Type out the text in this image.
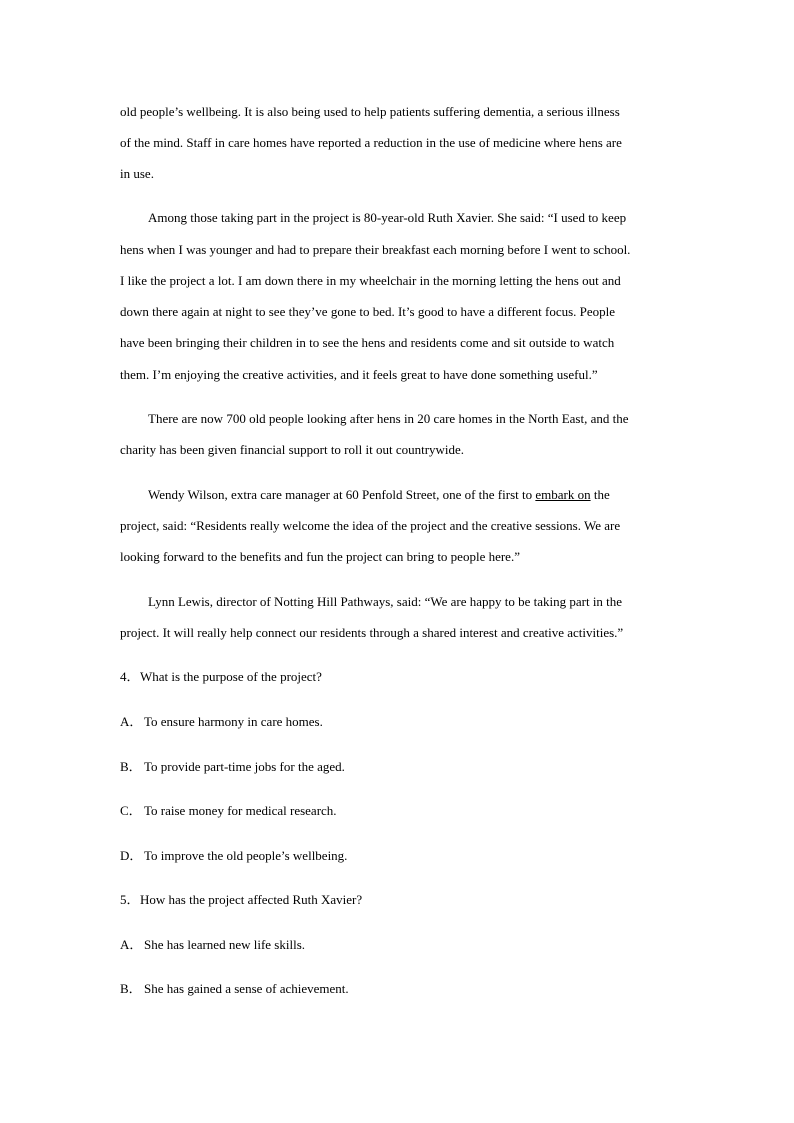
old people’s wellbeing. It is also being used to help patients suffering dementia, a serious illness
of the mind. Staff in care homes have reported a reduction in the use of medicine where hens are
in use.
Among those taking part in the project is 80-year-old Ruth Xavier. She said: “I used to keep
hens when I was younger and had to prepare their breakfast each morning before I went to school.
I like the project a lot. I am down there in my wheelchair in the morning letting the hens out and
down there again at night to see they’ve gone to bed. It’s good to have a different focus. People
have been bringing their children in to see the hens and residents come and sit outside to watch
them. I’m enjoying the creative activities, and it feels great to have done something useful.”
There are now 700 old people looking after hens in 20 care homes in the North East, and the
charity has been given financial support to roll it out countrywide.
Wendy Wilson, extra care manager at 60 Penfold Street, one of the first to embark on the
project, said: “Residents really welcome the idea of the project and the creative sessions. We are
looking forward to the benefits and fun the project can bring to people here.”
Lynn Lewis, director of Notting Hill Pathways, said: “We are happy to be taking part in the
project. It will really help connect our residents through a shared interest and creative activities.”
4．What is the purpose of the project?
A． To ensure harmony in care homes.
B． To provide part-time jobs for the aged.
C． To raise money for medical research.
D． To improve the old people’s wellbeing.
5．How has the project affected Ruth Xavier?
A． She has learned new life skills.
B． She has gained a sense of achievement.
